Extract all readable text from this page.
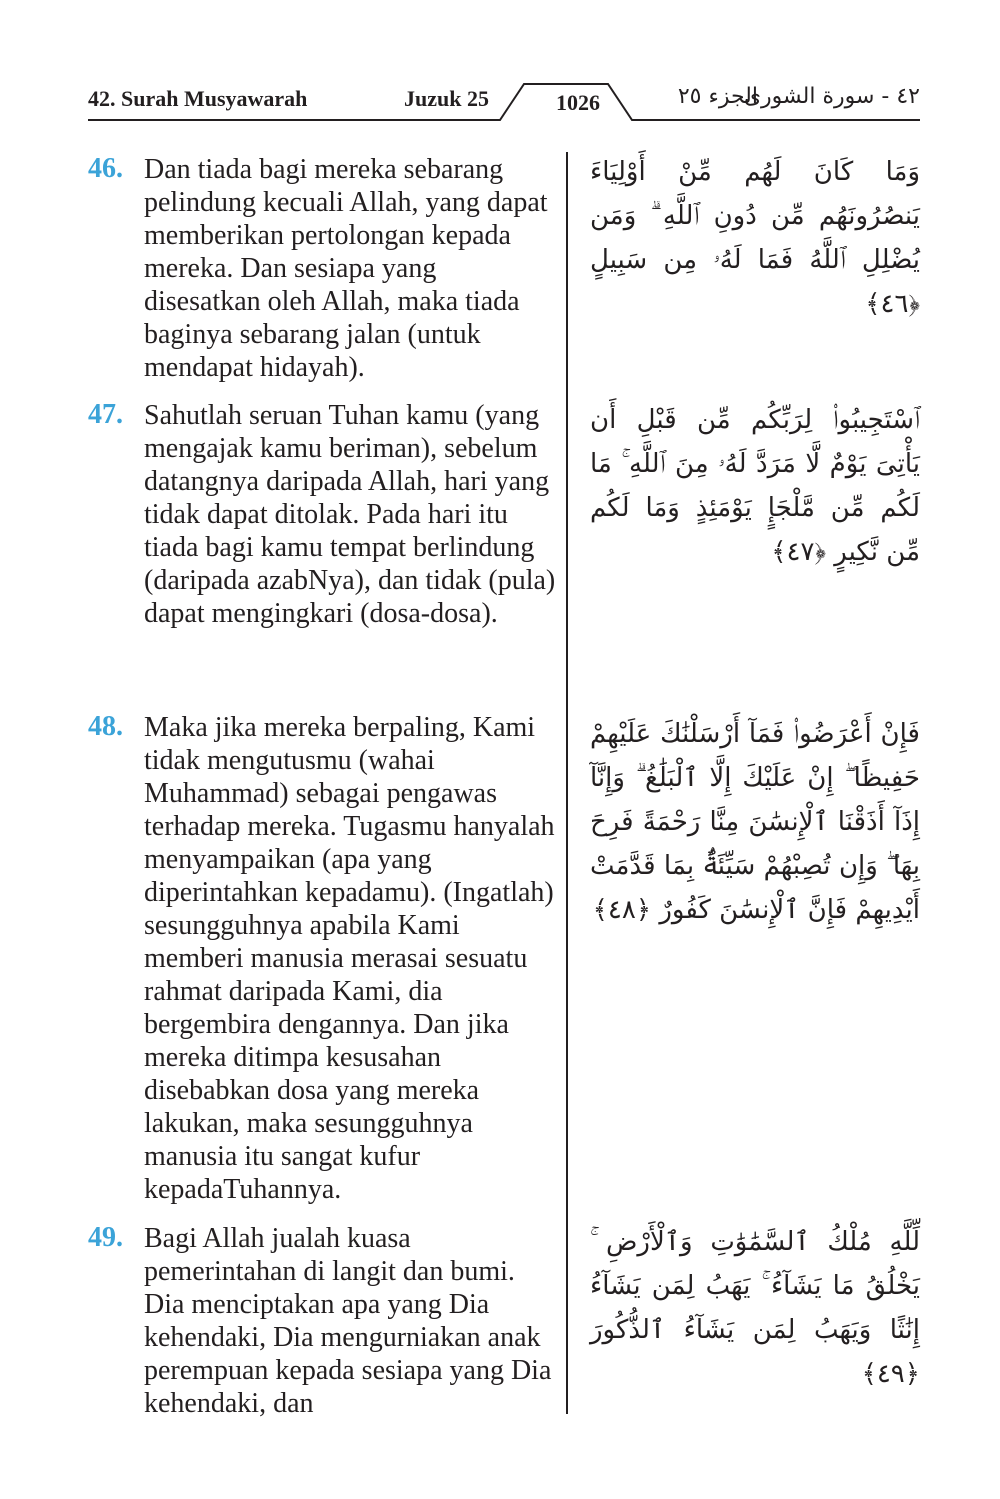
42. Surah Musyawarah	Juzuk 25	1026	الجزء ٢٥
٤٢ - سورة الشورى
46. Dan tiada bagi mereka sebarang pelindung kecuali Allah, yang dapat memberikan pertolongan kepada mereka. Dan sesiapa yang disesatkan oleh Allah, maka tiada baginya sebarang jalan (untuk mendapat hidayah).
وَمَا كَانَ لَهُم مِّنْ أَوْلِيَاءَ يَنصُرُونَهُم مِّن دُونِ ٱللَّهِ ۗ وَمَن يُضْلِلِ ٱللَّهُ فَمَا لَهُۥ مِن سَبِيلٍ ﴿٤٦﴾
47. Sahutlah seruan Tuhan kamu (yang mengajak kamu beriman), sebelum datangnya daripada Allah, hari yang tidak dapat ditolak. Pada hari itu tiada bagi kamu tempat berlindung (daripada azabNya), dan tidak (pula) dapat mengingkari (dosa-dosa).
ٱسْتَجِيبُوا۟ لِرَبِّكُم مِّن قَبْلِ أَن يَأْتِىَ يَوْمٌ لَّا مَرَدَّ لَهُۥ مِنَ ٱللَّهِ ۚ مَا لَكُم مِّن مَّلْجَإٍ يَوْمَئِذٍ وَمَا لَكُم مِّن نَّكِيرٍ ﴿٤٧﴾
48. Maka jika mereka berpaling, Kami tidak mengutusmu (wahai Muhammad) sebagai pengawas terhadap mereka. Tugasmu hanyalah menyampaikan (apa yang diperintahkan kepadamu). (Ingatlah) sesungguhnya apabila Kami memberi manusia merasai sesuatu rahmat daripada Kami, dia bergembira dengannya. Dan jika mereka ditimpa kesusahan disebabkan dosa yang mereka lakukan, maka sesungguhnya manusia itu sangat kufur kepadaTuhannya.
فَإِنْ أَعْرَضُوا۟ فَمَآ أَرْسَلْنَٰكَ عَلَيْهِمْ حَفِيظًا ۖ إِنْ عَلَيْكَ إِلَّا ٱلْبَلَٰغُ ۗ وَإِنَّآ إِذَآ أَذَقْنَا ٱلْإِنسَٰنَ مِنَّا رَحْمَةً فَرِحَ بِهَا ۖ وَإِن تُصِبْهُمْ سَيِّئَةٌۢ بِمَا قَدَّمَتْ أَيْدِيهِمْ فَإِنَّ ٱلْإِنسَٰنَ كَفُورٌ ﴿٤٨﴾
49. Bagi Allah jualah kuasa pemerintahan di langit dan bumi. Dia menciptakan apa yang Dia kehendaki, Dia mengurniakan anak perempuan kepada sesiapa yang Dia kehendaki, dan
لِّلَّهِ مُلْكُ ٱلسَّمَٰوَٰتِ وَٱلْأَرْضِ ۚ يَخْلُقُ مَا يَشَآءُ ۚ يَهَبُ لِمَن يَشَآءُ إِنَٰثًا وَيَهَبُ لِمَن يَشَآءُ ٱلذُّكُورَ ﴿٤٩﴾
